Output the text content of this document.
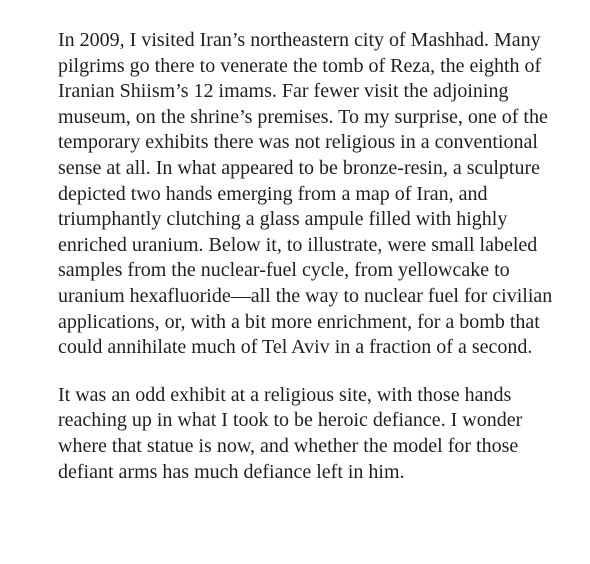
In 2009, I visited Iran’s northeastern city of Mashhad. Many
pilgrims go there to venerate the tomb of Reza, the eighth of
Iranian Shiism’s 12 imams. Far fewer visit the adjoining
museum, on the shrine’s premises. To my surprise, one of the
temporary exhibits there was not religious in a conventional
sense at all. In what appeared to be bronze-resin, a sculpture
depicted two hands emerging from a map of Iran, and
triumphantly clutching a glass ampule filled with highly
enriched uranium. Below it, to illustrate, were small labeled
samples from the nuclear-fuel cycle, from yellowcake to
uranium hexafluoride—all the way to nuclear fuel for civilian
applications, or, with a bit more enrichment, for a bomb that
could annihilate much of Tel Aviv in a fraction of a second.

It was an odd exhibit at a religious site, with those hands
reaching up in what I took to be heroic defiance. I wonder
where that statue is now, and whether the model for those
defiant arms has much defiance left in him.
